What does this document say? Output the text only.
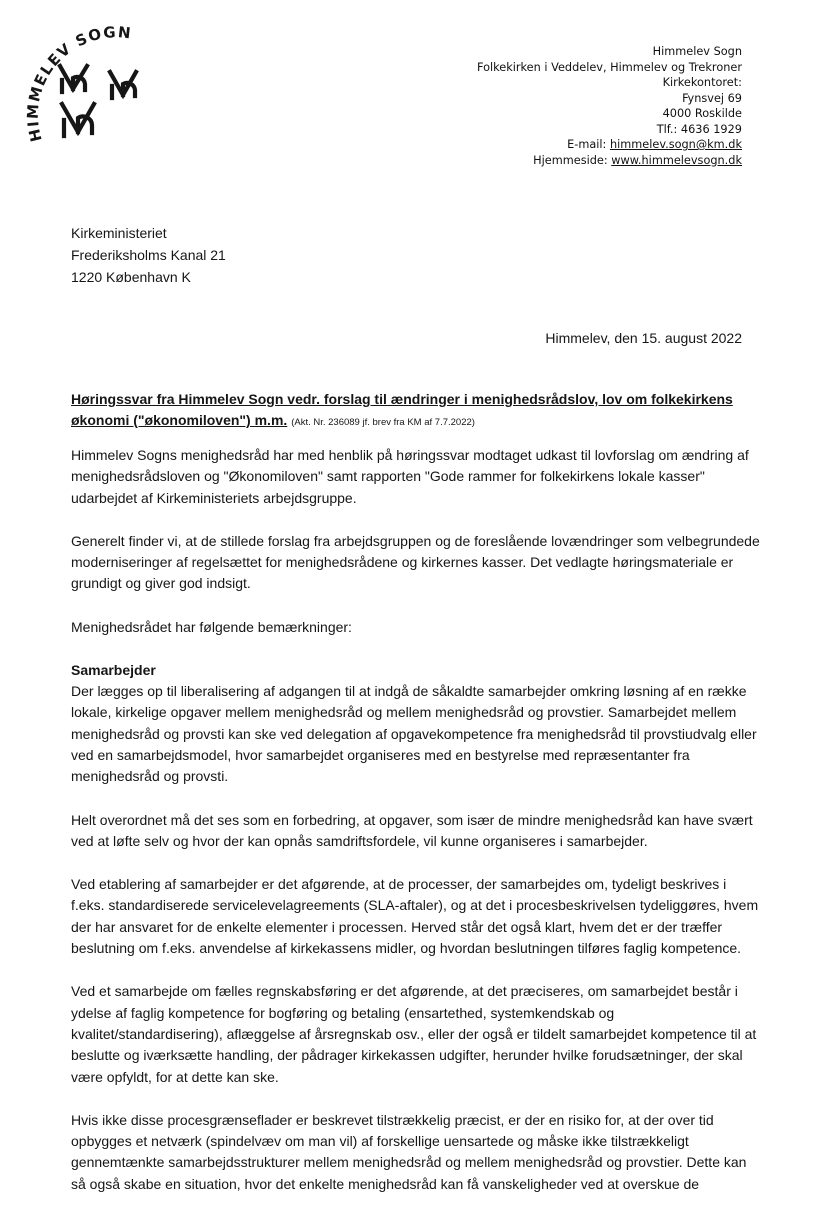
HIMMELEV SOGN
Himmelev Sogn
Folkekirken i Veddelev, Himmelev og Trekroner
Kirkekontoret:
Fynsvej 69
4000 Roskilde
Tlf.: 4636 1929
E-mail: himmelev.sogn@km.dk
Hjemmeside: www.himmelevsogn.dk
Kirkeministeriet
Frederiksholms Kanal 21
1220 København K
Himmelev, den 15. august 2022
Høringssvar fra Himmelev Sogn vedr. forslag til ændringer i menighedsrådslov, lov om folkekirkens økonomi ("økonomiloven") m.m. (Akt. Nr. 236089 jf. brev fra KM af 7.7.2022)

Himmelev Sogns menighedsråd har med henblik på høringssvar modtaget udkast til lovforslag om ændring af menighedsrådsloven og "Økonomiloven" samt rapporten "Gode rammer for folkekirkens lokale kasser" udarbejdet af Kirkeministeriets arbejdsgruppe.

Generelt finder vi, at de stillede forslag fra arbejdsgruppen og de foreslående lovændringer som velbegrundede moderniseringer af regelsættet for menighedsrådene og kirkernes kasser. Det vedlagte høringsmateriale er grundigt og giver god indsigt.

Menighedsrådet har følgende bemærkninger:

Samarbejder

Der lægges op til liberalisering af adgangen til at indgå de såkaldte samarbejder omkring løsning af en række lokale, kirkelige opgaver mellem menighedsråd og mellem menighedsråd og provstier. Samarbejdet mellem menighedsråd og provsti kan ske ved delegation af opgavekompetence fra menighedsråd til provstiudvalg eller ved en samarbejdsmodel, hvor samarbejdet organiseres med en bestyrelse med repræsentanter fra menighedsråd og provsti.

Helt overordnet må det ses som en forbedring, at opgaver, som især de mindre menighedsråd kan have svært ved at løfte selv og hvor der kan opnås samdriftsfordele, vil kunne organiseres i samarbejder.

Ved etablering af samarbejder er det afgørende, at de processer, der samarbejdes om, tydeligt beskrives i f.eks. standardiserede servicelevelagreements (SLA-aftaler), og at det i procesbeskrivelsen tydeliggøres, hvem der har ansvaret for de enkelte elementer i processen. Herved står det også klart, hvem det er der træffer beslutning om f.eks. anvendelse af kirkekassens midler, og hvordan beslutningen tilføres faglig kompetence.

Ved et samarbejde om fælles regnskabsføring er det afgørende, at det præciseres, om samarbejdet består i ydelse af faglig kompetence for bogføring og betaling (ensartethed, systemkendskab og kvalitet/standardisering), aflæggelse af årsregnskab osv., eller der også er tildelt samarbejdet kompetence til at beslutte og iværksætte handling, der pådrager kirkekassen udgifter, herunder hvilke forudsætninger, der skal være opfyldt, for at dette kan ske.

Hvis ikke disse procesgrænseflader er beskrevet tilstrækkelig præcist, er der en risiko for, at der over tid opbygges et netværk (spindelvæv om man vil) af forskellige uensartede og måske ikke tilstrækkeligt gennemtænkte samarbejdsstrukturer mellem menighedsråd og mellem menighedsråd og provstier. Dette kan så også skabe en situation, hvor det enkelte menighedsråd kan få vanskeligheder ved at overskue de
